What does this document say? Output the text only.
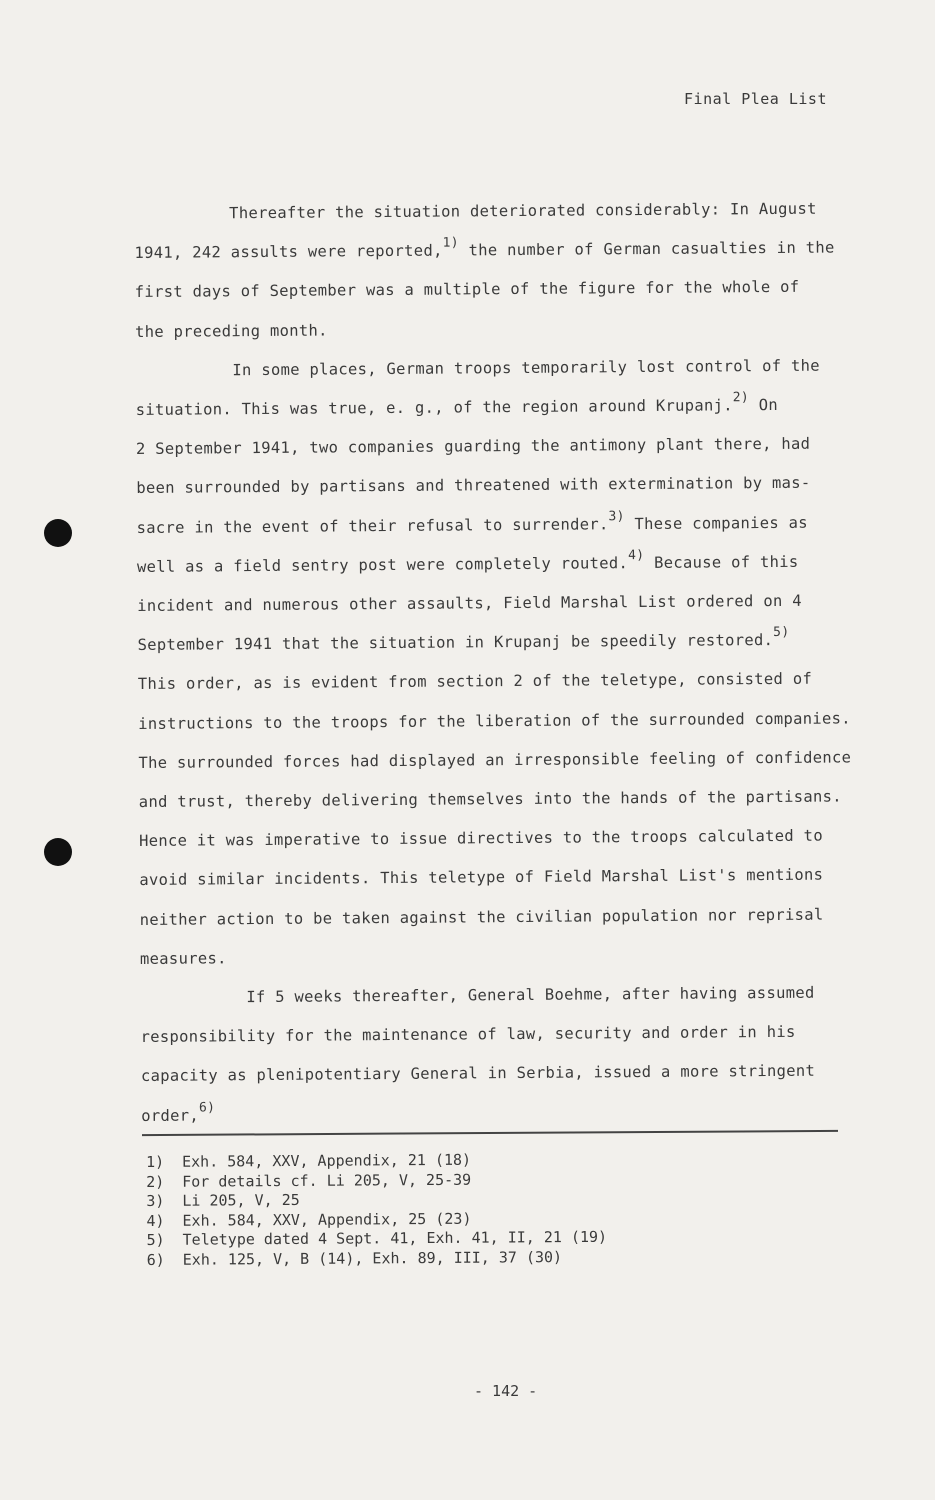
Final Plea List

Thereafter the situation deteriorated considerably: In August
1941, 242 assults were reported,$^{1)}$ the number of German casualties in the
first days of September was a multiple of the figure for the whole of
the preceding month.

In some places, German troops temporarily lost control of the
situation. This was true, e. g., of the region around Krupanj.$^{2)}$ On
2 September 1941, two companies guarding the antimony plant there, had
been surrounded by partisans and threatened with extermination by mas-
sacre in the event of their refusal to surrender.$^{3)}$ These companies as
well as a field sentry post were completely routed.$^{4)}$ Because of this
incident and numerous other assaults, Field Marshal List ordered on 4
September 1941 that the situation in Krupanj be speedily restored.$^{5)}$
This order, as is evident from section 2 of the teletype, consisted of
instructions to the troops for the liberation of the surrounded companies.
The surrounded forces had displayed an irresponsible feeling of confidence
and trust, thereby delivering themselves into the hands of the partisans.
Hence it was imperative to issue directives to the troops calculated to
avoid similar incidents. This teletype of Field Marshal List's mentions
neither action to be taken against the civilian population nor reprisal
measures.

If 5 weeks thereafter, General Boehme, after having assumed
responsibility for the maintenance of law, security and order in his
capacity as plenipotentiary General in Serbia, issued a more stringent
order,$^{6)}$

1)	Exh. 584, XXV, Appendix, 21 (18)
2)	For details cf. Li 205, V, 25-39
3)	Li 205, V, 25
4)	Exh. 584, XXV, Appendix, 25 (23)
5)	Teletype dated 4 Sept. 41, Exh. 41, II, 21 (19)
6)	Exh. 125, V, B (14), Exh. 89, III, 37 (30)
- 142 -
